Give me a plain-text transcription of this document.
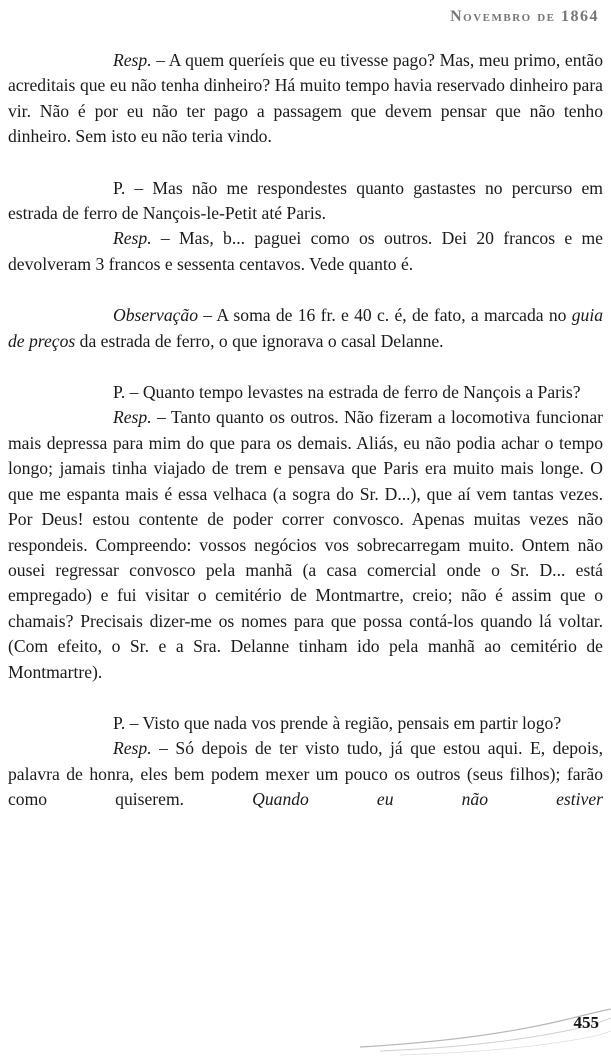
Novembro de 1864

Resp. – A quem queríeis que eu tivesse pago? Mas, meu primo, então acreditais que eu não tenha dinheiro? Há muito tempo havia reservado dinheiro para vir. Não é por eu não ter pago a passagem que devem pensar que não tenho dinheiro. Sem isto eu não teria vindo.

P. – Mas não me respondestes quanto gastastes no percurso em estrada de ferro de Nançois-le-Petit até Paris.

Resp. – Mas, b... paguei como os outros. Dei 20 francos e me devolveram 3 francos e sessenta centavos. Vede quanto é.

Observação – A soma de 16 fr. e 40 c. é, de fato, a marcada no guia de preços da estrada de ferro, o que ignorava o casal Delanne.

P. – Quanto tempo levastes na estrada de ferro de Nançois a Paris?

Resp. – Tanto quanto os outros. Não fizeram a locomotiva funcionar mais depressa para mim do que para os demais. Aliás, eu não podia achar o tempo longo; jamais tinha viajado de trem e pensava que Paris era muito mais longe. O que me espanta mais é essa velhaca (a sogra do Sr. D...), que aí vem tantas vezes. Por Deus! estou contente de poder correr convosco. Apenas muitas vezes não respondeis. Compreendo: vossos negócios vos sobrecarregam muito. Ontem não ousei regressar convosco pela manhã (a casa comercial onde o Sr. D... está empregado) e fui visitar o cemitério de Montmartre, creio; não é assim que o chamais? Precisais dizer-me os nomes para que possa contá-los quando lá voltar. (Com efeito, o Sr. e a Sra. Delanne tinham ido pela manhã ao cemitério de Montmartre).

P. – Visto que nada vos prende à região, pensais em partir logo?

Resp. – Só depois de ter visto tudo, já que estou aqui. E, depois, palavra de honra, eles bem podem mexer um pouco os outros (seus filhos); farão como quiserem. Quando eu não estiver

455
